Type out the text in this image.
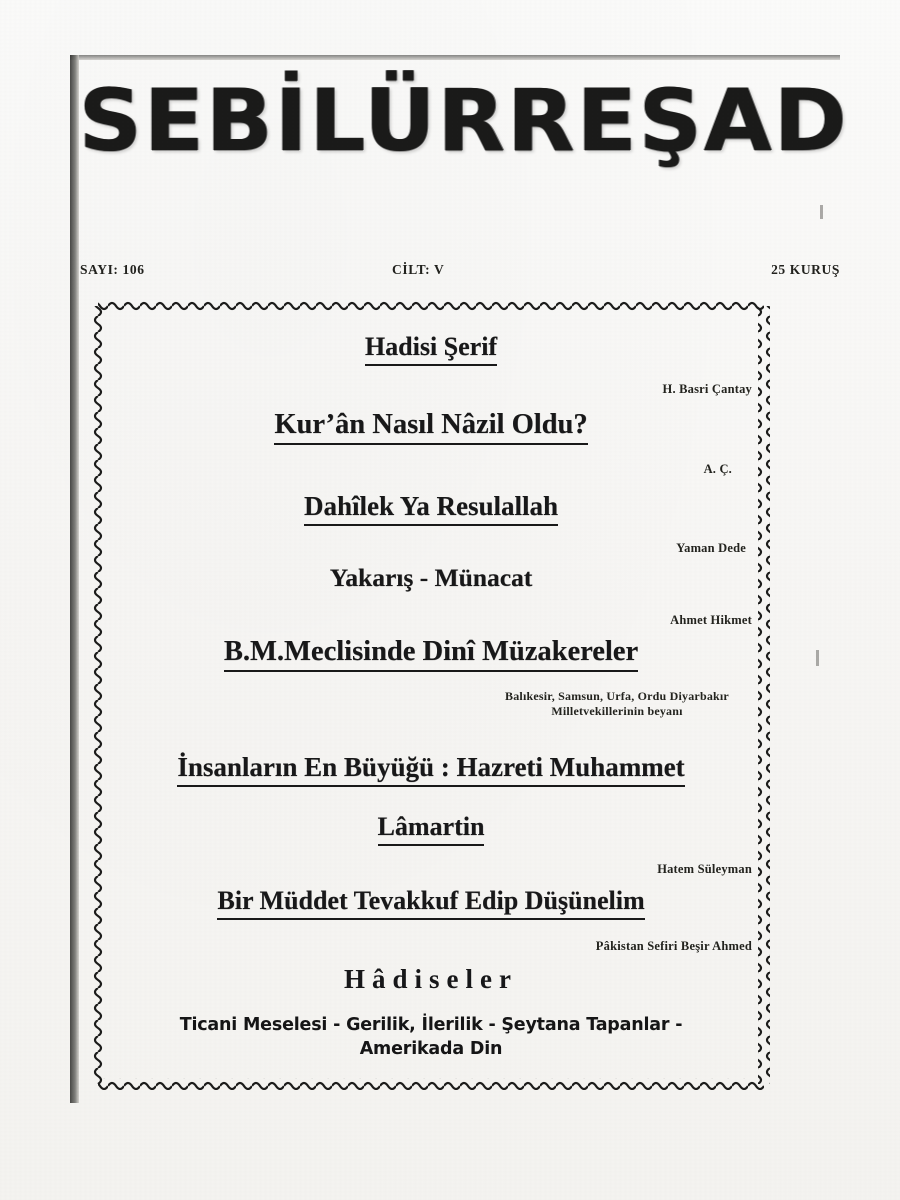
SEBİLÜRREŞAD
SAYI: 106	CİLT: V	25 KURUŞ
Hadisi Şerif
H. Basri Çantay
Kur’ân Nasıl Nâzil Oldu?
A. Ç.
Dahîlek Ya Resulallah
Yaman Dede
Yakarış - Münacat
Ahmet Hikmet
B.M.Meclisinde Dinî Müzakereler
Balıkesir, Samsun, Urfa, Ordu Diyarbakır Milletvekillerinin beyanı
İnsanların En Büyüğü : Hazreti Muhammet
Lâmartin
Hatem Süleyman
Bir Müddet Tevakkuf Edip Düşünelim
Pâkistan Sefiri Beşir Ahmed
Hâdiseler
Ticani Meselesi - Gerilik, İlerilik - Şeytana Tapanlar -
Amerikada Din
